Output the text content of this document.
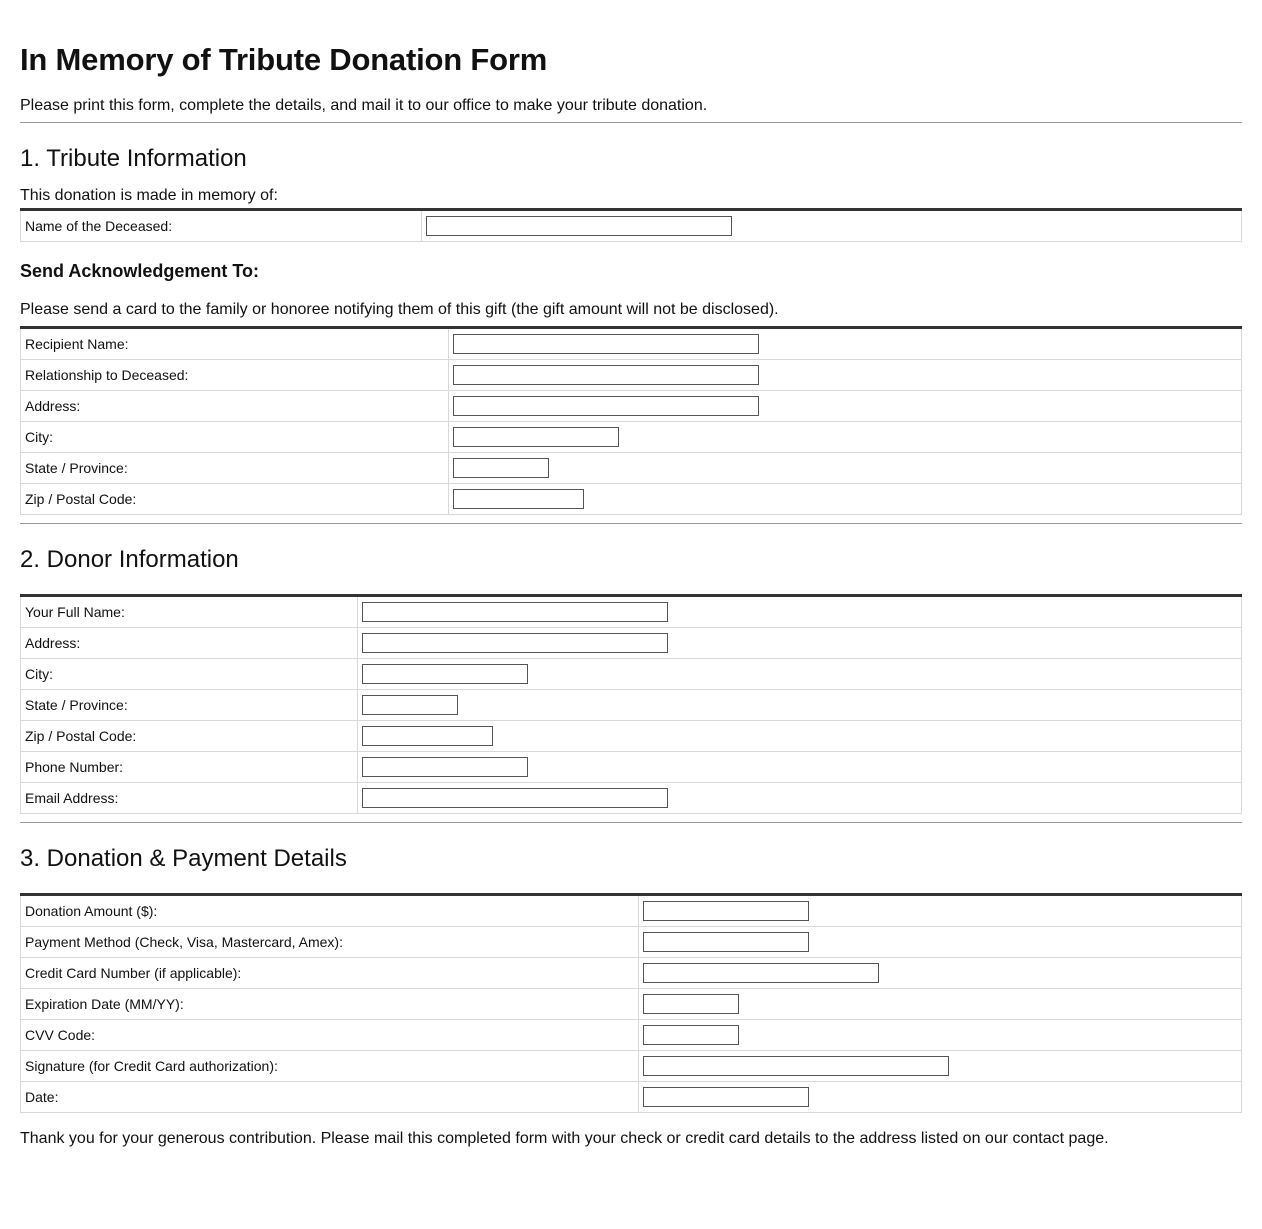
In Memory of Tribute Donation Form

Please print this form, complete the details, and mail it to our office to make your tribute donation.

1. Tribute Information

This donation is made in memory of:

Name of the Deceased:	
Send Acknowledgement To:

Please send a card to the family or honoree notifying them of this gift (the gift amount will not be disclosed).

Recipient Name:	

Relationship to Deceased:	

Address:	

City:	

State / Province:	

Zip / Postal Code:	
2. Donor Information
Your Full Name:	

Address:	

City:	

State / Province:	

Zip / Postal Code:	

Phone Number:	

Email Address:	
3. Donation & Payment Details
Donation Amount ($):	

Payment Method (Check, Visa, Mastercard, Amex):	

Credit Card Number (if applicable):	

Expiration Date (MM/YY):	

CVV Code:	

Signature (for Credit Card authorization):	

Date:	

Thank you for your generous contribution. Please mail this completed form with your check or credit card details to the address listed on our contact page.
